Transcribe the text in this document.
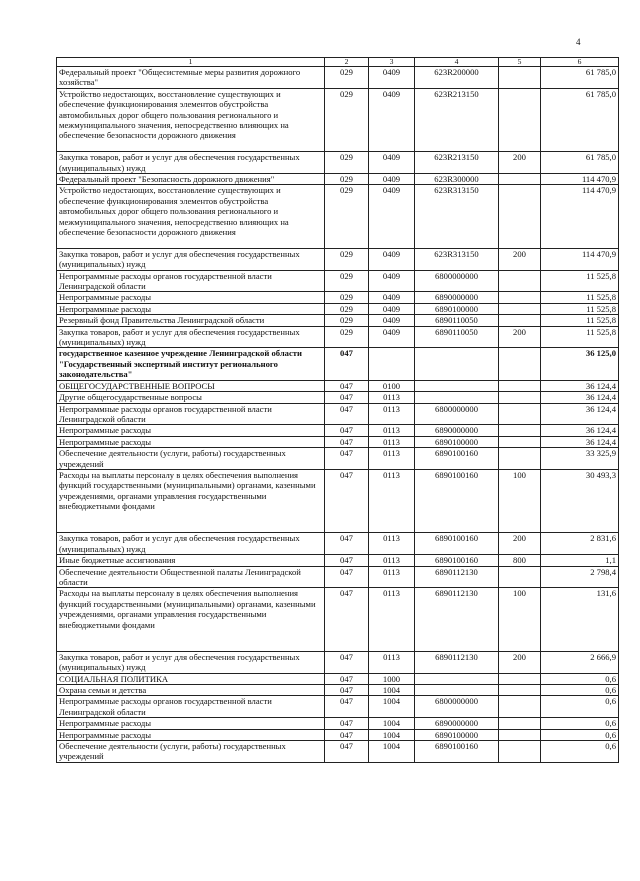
4
1	2	3	4	5	6
Федеральный проект "Общесистемные меры развития дорожного хозяйства"	029	0409	623R200000		61 785,0
Устройство недостающих, восстановление существующих и обеспечение функционирования элементов обустройства автомобильных дорог общего пользования регионального и межмуниципального значения, непосредственно влияющих на обеспечение безопасности дорожного движения	029	0409	623R213150		61 785,0
Закупка товаров, работ и услуг для обеспечения государственных (муниципальных) нужд	029	0409	623R213150	200	61 785,0
Федеральный проект "Безопасность дорожного движения"	029	0409	623R300000		114 470,9
Устройство недостающих, восстановление существующих и обеспечение функционирования элементов обустройства автомобильных дорог общего пользования регионального и межмуниципального значения, непосредственно влияющих на обеспечение безопасности дорожного движения	029	0409	623R313150		114 470,9
Закупка товаров, работ и услуг для обеспечения государственных (муниципальных) нужд	029	0409	623R313150	200	114 470,9
Непрограммные расходы органов государственной власти Ленинградской области	029	0409	6800000000		11 525,8
Непрограммные расходы	029	0409	6890000000		11 525,8
Непрограммные расходы	029	0409	6890100000		11 525,8
Резервный фонд Правительства Ленинградской области	029	0409	6890110050		11 525,8
Закупка товаров, работ и услуг для обеспечения государственных (муниципальных) нужд	029	0409	6890110050	200	11 525,8
государственное казенное учреждение Ленинградской области "Государственный экспертный институт регионального законодательства"	047				36 125,0
ОБЩЕГОСУДАРСТВЕННЫЕ ВОПРОСЫ	047	0100			36 124,4
Другие общегосударственные вопросы	047	0113			36 124,4
Непрограммные расходы органов государственной власти Ленинградской области	047	0113	6800000000		36 124,4
Непрограммные расходы	047	0113	6890000000		36 124,4
Непрограммные расходы	047	0113	6890100000		36 124,4
Обеспечение деятельности (услуги, работы) государственных учреждений	047	0113	6890100160		33 325,9
Расходы на выплаты персоналу в целях обеспечения выполнения функций государственными (муниципальными) органами, казенными учреждениями, органами управления государственными внебюджетными фондами	047	0113	6890100160	100	30 493,3
Закупка товаров, работ и услуг для обеспечения государственных (муниципальных) нужд	047	0113	6890100160	200	2 831,6
Иные бюджетные ассигнования	047	0113	6890100160	800	1,1
Обеспечение деятельности Общественной палаты Ленинградской области	047	0113	6890112130		2 798,4
Расходы на выплаты персоналу в целях обеспечения выполнения функций государственными (муниципальными) органами, казенными учреждениями, органами управления государственными внебюджетными фондами	047	0113	6890112130	100	131,6
Закупка товаров, работ и услуг для обеспечения государственных (муниципальных) нужд	047	0113	6890112130	200	2 666,9
СОЦИАЛЬНАЯ ПОЛИТИКА	047	1000			0,6
Охрана семьи и детства	047	1004			0,6
Непрограммные расходы органов государственной власти Ленинградской области	047	1004	6800000000		0,6
Непрограммные расходы	047	1004	6890000000		0,6
Непрограммные расходы	047	1004	6890100000		0,6
Обеспечение деятельности (услуги, работы) государственных учреждений	047	1004	6890100160		0,6
